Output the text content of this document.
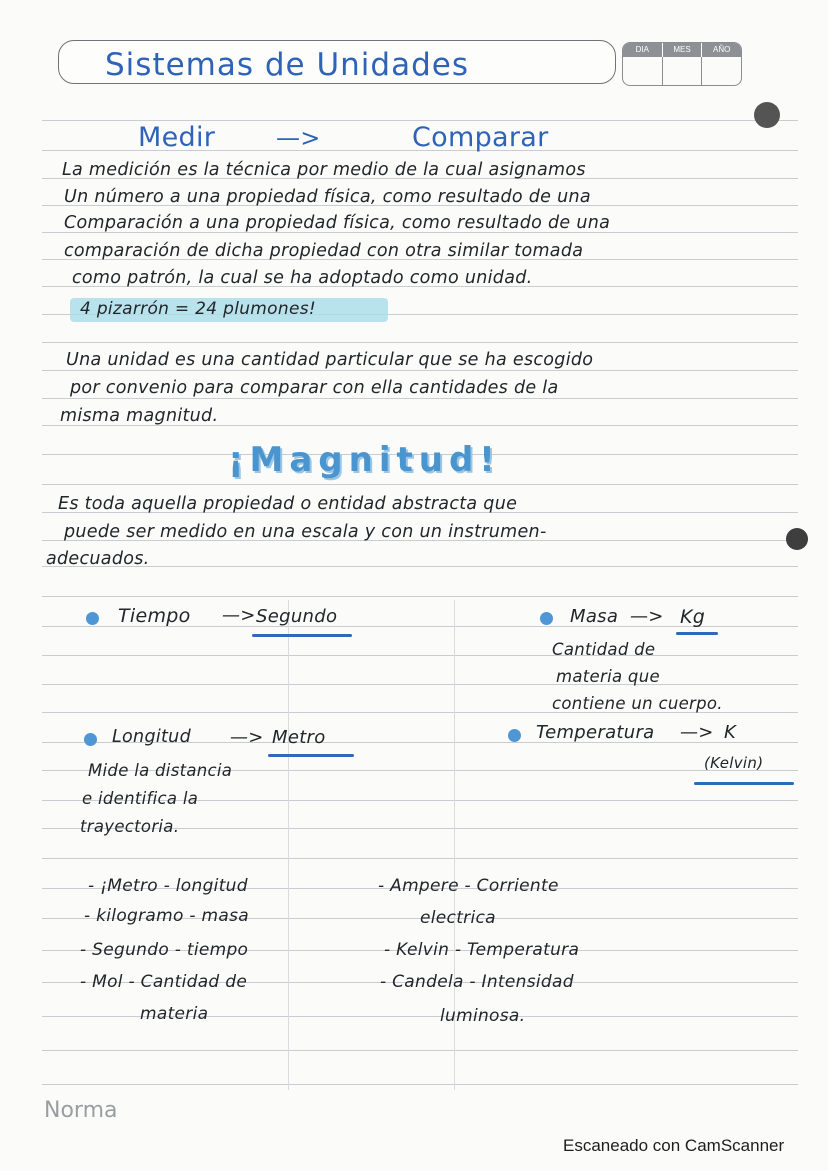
Sistemas de Unidades	DIA	MES	AÑO
Medir	—>	Comparar
La medición es la técnica por medio de la cual asignamos
Un número a una propiedad física, como resultado de una
Comparación a una propiedad física, como resultado de una
comparación de dicha propiedad con otra similar tomada
como patrón, la cual se ha adoptado como unidad.
4 pizarrón = 24 plumones!
Una unidad es una cantidad particular que se ha escogido
por convenio para comparar con ella cantidades de la
misma magnitud.
¡Magnitud!
Es toda aquella propiedad o entidad abstracta que
puede ser medido en una escala y con un instrumen-
adecuados.
Tiempo —> Segundo	Masa —> Kg
Cantidad de
materia que
contiene un cuerpo.
Longitud —> Metro
Mide la distancia
e identifica la
trayectoria.
Temperatura —> K
(Kelvin)
- ¡Metro - longitud
- kilogramo - masa
- Segundo - tiempo
- Mol - Cantidad de
materia
- Ampere - Corriente
electrica
- Kelvin - Temperatura
- Candela - Intensidad
luminosa.
Norma
Escaneado con CamScanner
